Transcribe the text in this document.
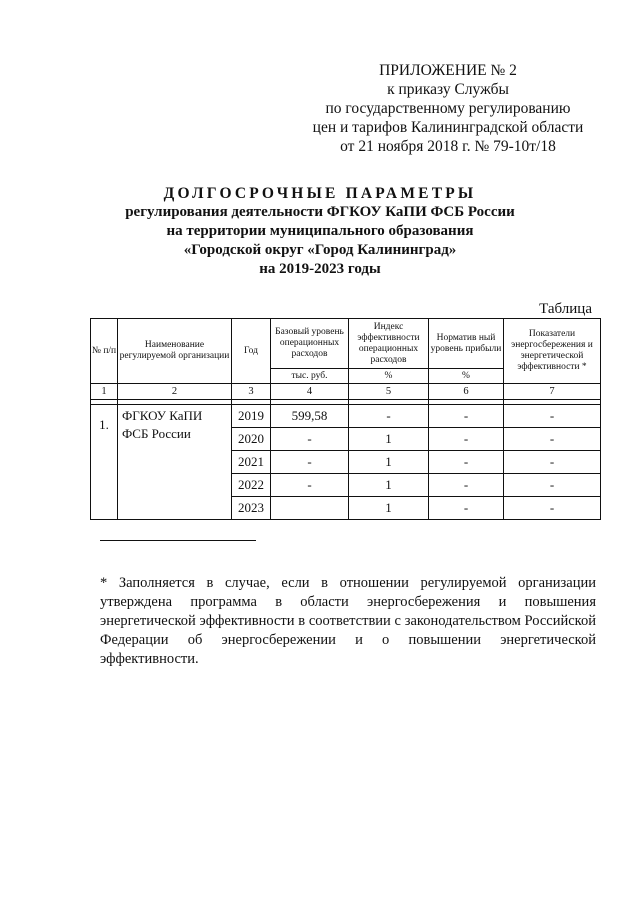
ПРИЛОЖЕНИЕ № 2
к приказу Службы
по государственному регулированию
цен и тарифов Калининградской области
от 21 ноября 2018 г. № 79-10т/18
ДОЛГОСРОЧНЫЕ ПАРАМЕТРЫ
регулирования деятельности ФГКОУ КаПИ ФСБ России
на территории муниципального образования
«Городской округ «Город Калининград»
на 2019-2023 годы
Таблица
№ п/п	Наименование регулируемой организации	Год	Базовый уровень операционных расходов	Индекс эффективности операционных расходов	Норматив ный уровень прибыли	Показатели энергосбережения и энергетической эффективности *
			тыс. руб.	%	%	
1	2	3	4	5	6	7

1.	ФГКОУ КаПИ ФСБ России	2019	599,58	-	-	-
		2020	-	1	-	-
		2021	-	1	-	-
		2022	-	1	-	-
		2023		1	-	-
* Заполняется в случае, если в отношении регулируемой организации утверждена программа в области энергосбережения и повышения энергетической эффективности в соответствии с законодательством Российской Федерации об энергосбережении и о повышении энергетической эффективности.
